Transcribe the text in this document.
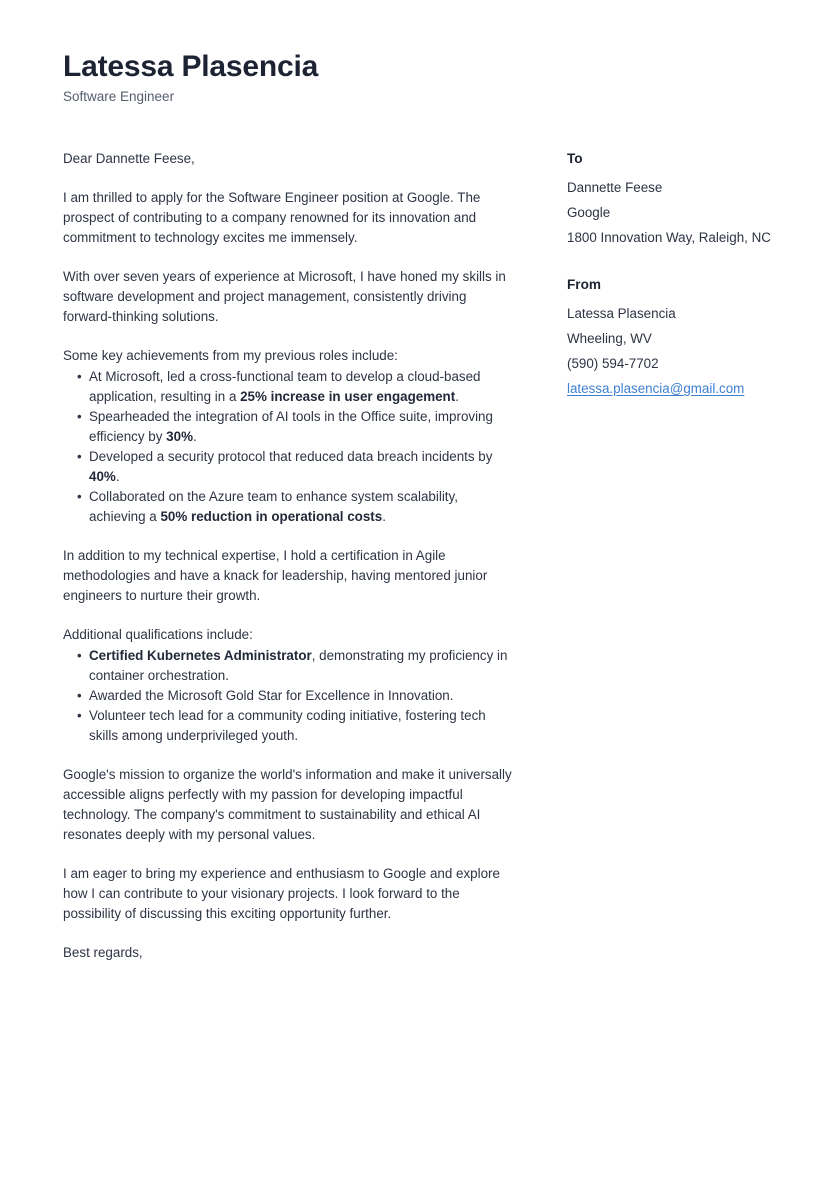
Latessa Plasencia
Software Engineer

Dear Dannette Feese,

I am thrilled to apply for the Software Engineer position at Google. The prospect of contributing to a company renowned for its innovation and commitment to technology excites me immensely.

With over seven years of experience at Microsoft, I have honed my skills in software development and project management, consistently driving forward-thinking solutions.

Some key achievements from my previous roles include:

• At Microsoft, led a cross-functional team to develop a cloud-based application, resulting in a 25% increase in user engagement.
• Spearheaded the integration of AI tools in the Office suite, improving efficiency by 30%.
• Developed a security protocol that reduced data breach incidents by 40%.
• Collaborated on the Azure team to enhance system scalability, achieving a 50% reduction in operational costs.

In addition to my technical expertise, I hold a certification in Agile methodologies and have a knack for leadership, having mentored junior engineers to nurture their growth.

Additional qualifications include:

• Certified Kubernetes Administrator, demonstrating my proficiency in container orchestration.
• Awarded the Microsoft Gold Star for Excellence in Innovation.
• Volunteer tech lead for a community coding initiative, fostering tech skills among underprivileged youth.

Google's mission to organize the world's information and make it universally accessible aligns perfectly with my passion for developing impactful technology. The company's commitment to sustainability and ethical AI resonates deeply with my personal values.

I am eager to bring my experience and enthusiasm to Google and explore how I can contribute to your visionary projects. I look forward to the possibility of discussing this exciting opportunity further.

Best regards,

To
Dannette Feese
Google
1800 Innovation Way, Raleigh, NC
From
Latessa Plasencia
Wheeling, WV
(590) 594-7702
latessa.plasencia@gmail.com
